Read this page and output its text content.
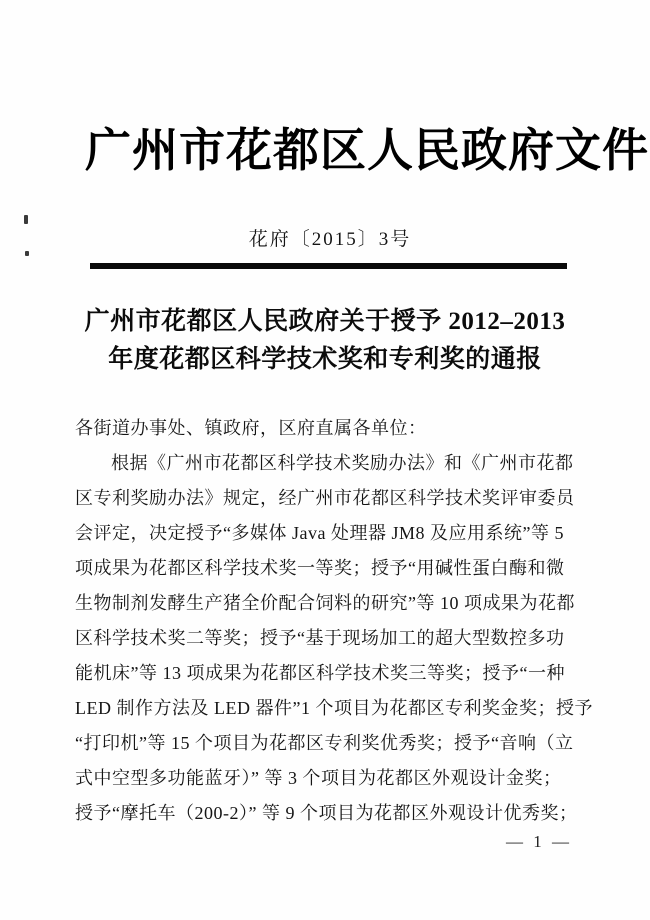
广州市花都区人民政府文件
花府〔2015〕3号
广州市花都区人民政府关于授予 2012–2013
年度花都区科学技术奖和专利奖的通报
各街道办事处、镇政府，区府直属各单位：
根据《广州市花都区科学技术奖励办法》和《广州市花都
区专利奖励办法》规定，经广州市花都区科学技术奖评审委员
会评定，决定授予“多媒体 Java 处理器 JM8 及应用系统”等 5
项成果为花都区科学技术奖一等奖；授予“用碱性蛋白酶和微
生物制剂发酵生产猪全价配合饲料的研究”等 10 项成果为花都
区科学技术奖二等奖；授予“基于现场加工的超大型数控多功
能机床”等 13 项成果为花都区科学技术奖三等奖；授予“一种
LED 制作方法及 LED 器件”1 个项目为花都区专利奖金奖；授予
“打印机”等 15 个项目为花都区专利奖优秀奖；授予“音响（立
式中空型多功能蓝牙）” 等 3 个项目为花都区外观设计金奖；
授予“摩托车（200-2）” 等 9 个项目为花都区外观设计优秀奖；
— 1 —
